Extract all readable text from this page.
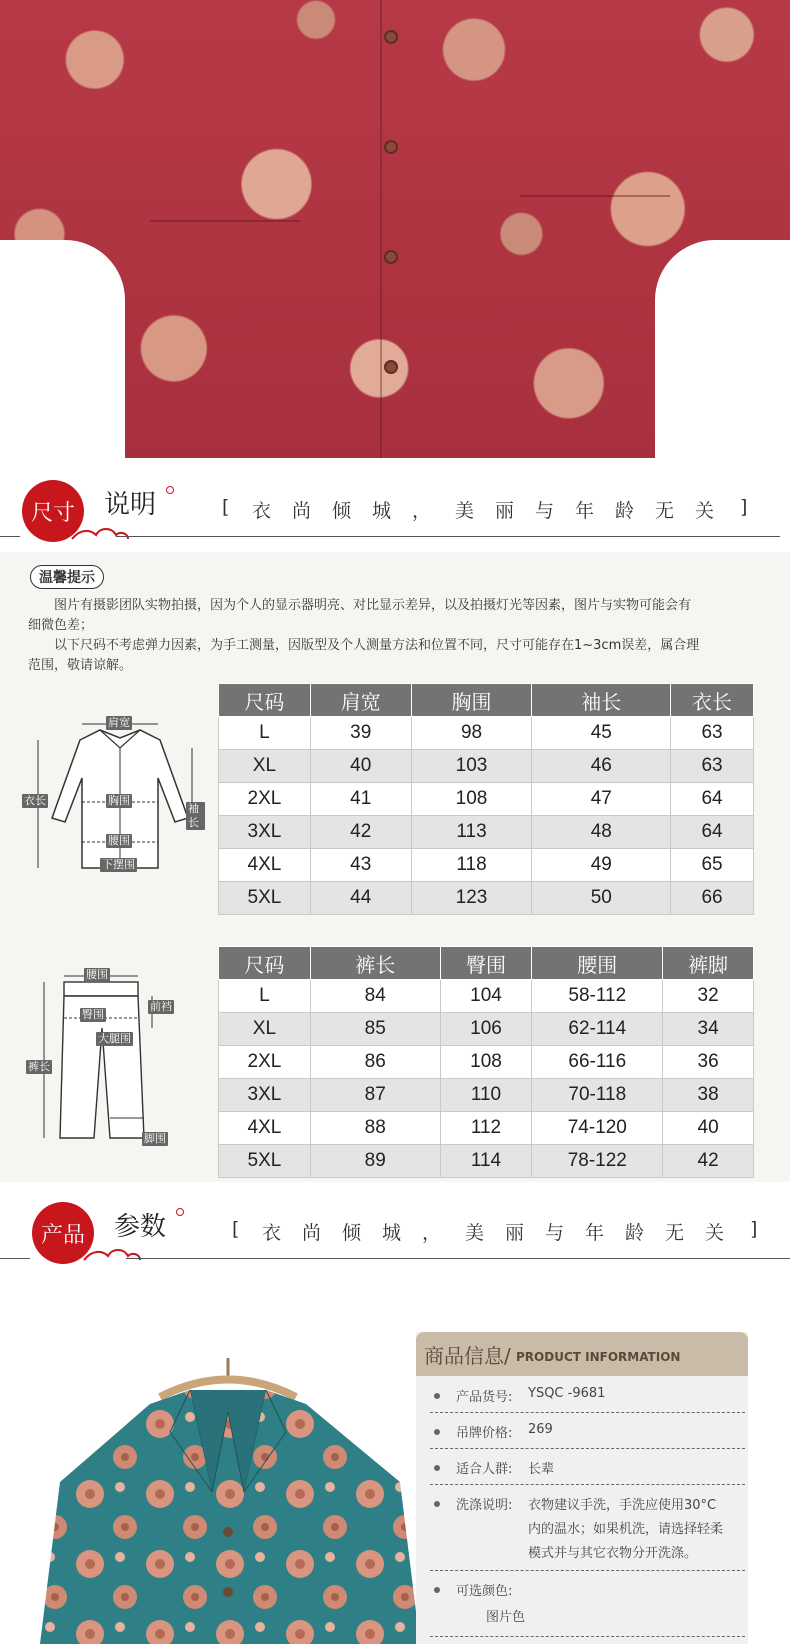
尺寸	说明	[ 衣 尚 倾 城 ， 美 丽 与 年 龄 无 关 ]
温馨提示
图片有摄影团队实物拍摄，因为个人的显示器明亮、对比显示差异，以及拍摄灯光等因素，图片与实物可能会有
细微色差；
以下尺码不考虑弹力因素，为手工测量，因版型及个人测量方法和位置不同，尺寸可能存在1~3cm误差，属合理
范围，敬请谅解。
肩宽
衣长	胸围
袖长
腰围
下摆围
尺码	肩宽	胸围	袖长	衣长
L	39	98	45	63
XL	40	103	46	63
2XL	41	108	47	64
3XL	42	113	48	64
4XL	43	118	49	65
5XL	44	123	50	66
腰围
臀围
前裆
大腿围
裤长
脚围
尺码	裤长	臀围	腰围	裤脚
L	84	104	58-112	32
XL	85	106	62-114	34
2XL	86	108	66-116	36
3XL	87	110	70-118	38
4XL	88	112	74-120	40
5XL	89	114	78-122	42
产品	参数	[ 衣 尚 倾 城 ， 美 丽 与 年 龄 无 关 ]
商品信息/ PRODUCT INFORMATION
产品货号: YSQC -9681
吊牌价格: 269
适合人群: 长辈
洗涤说明: 衣物建议手洗，手洗应使用30°C
内的温水；如果机洗，请选择轻柔
模式并与其它衣物分开洗涤。
可选颜色:
图片色
